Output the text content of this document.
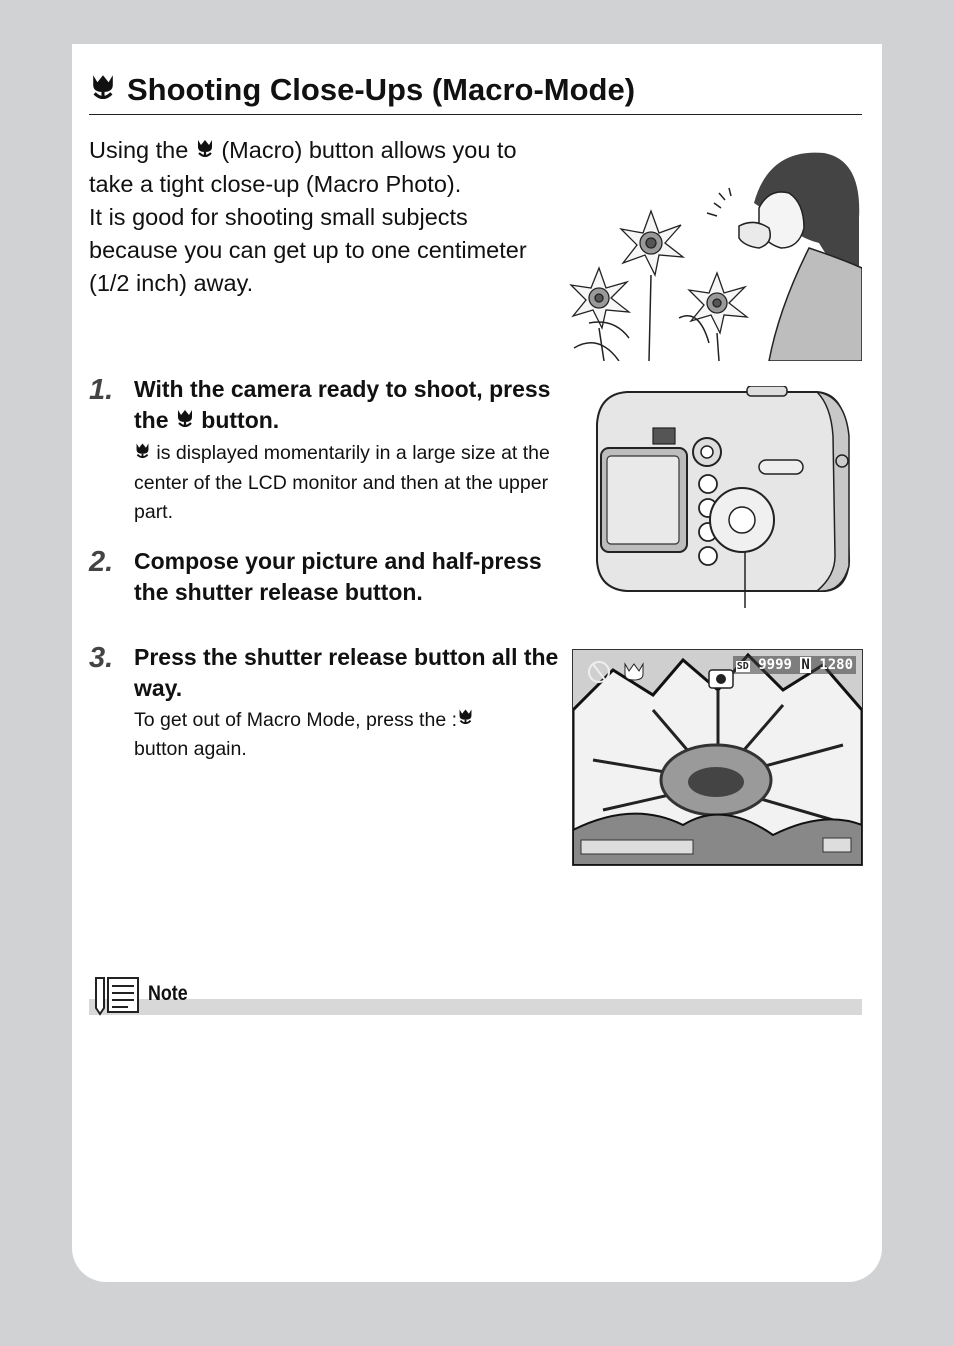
Shooting Close-Ups (Macro-Mode)

Using the (Macro) button allows you to take a tight close-up (Macro Photo).
It is good for shooting small subjects because you can get up to one centimeter (1/2 inch) away.

1. With the camera ready to shoot, press the button.
is displayed momentarily in a large size at the center of the LCD monitor and then at the upper part.
2. Compose your picture and half-press the shutter release button.
3. Press the shutter release button all the way.
To get out of Macro Mode, press the :
button again.
SD 9999 N 1280
Note
